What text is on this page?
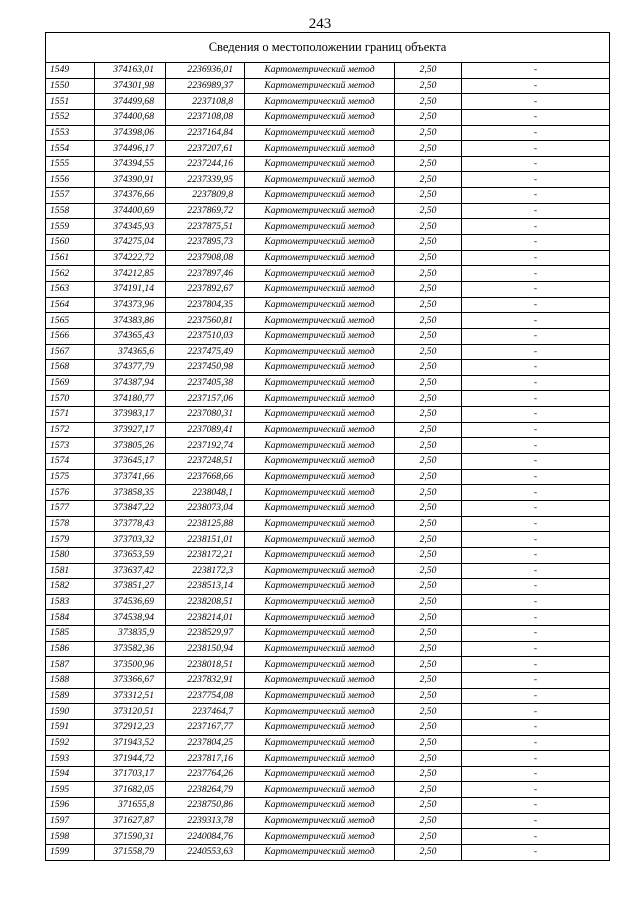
243
Сведения о местоположении границ объекта					
1549	374163,01	2236936,01	Картометрический метод	2,50	-
1550	374301,98	2236989,37	Картометрический метод	2,50	-
1551	374499,68	2237108,8	Картометрический метод	2,50	-
1552	374400,68	2237108,08	Картометрический метод	2,50	-
1553	374398,06	2237164,84	Картометрический метод	2,50	-
1554	374496,17	2237207,61	Картометрический метод	2,50	-
1555	374394,55	2237244,16	Картометрический метод	2,50	-
1556	374390,91	2237339,95	Картометрический метод	2,50	-
1557	374376,66	2237809,8	Картометрический метод	2,50	-
1558	374400,69	2237869,72	Картометрический метод	2,50	-
1559	374345,93	2237875,51	Картометрический метод	2,50	-
1560	374275,04	2237895,73	Картометрический метод	2,50	-
1561	374222,72	2237908,08	Картометрический метод	2,50	-
1562	374212,85	2237897,46	Картометрический метод	2,50	-
1563	374191,14	2237892,67	Картометрический метод	2,50	-
1564	374373,96	2237804,35	Картометрический метод	2,50	-
1565	374383,86	2237560,81	Картометрический метод	2,50	-
1566	374365,43	2237510,03	Картометрический метод	2,50	-
1567	374365,6	2237475,49	Картометрический метод	2,50	-
1568	374377,79	2237450,98	Картометрический метод	2,50	-
1569	374387,94	2237405,38	Картометрический метод	2,50	-
1570	374180,77	2237157,06	Картометрический метод	2,50	-
1571	373983,17	2237080,31	Картометрический метод	2,50	-
1572	373927,17	2237089,41	Картометрический метод	2,50	-
1573	373805,26	2237192,74	Картометрический метод	2,50	-
1574	373645,17	2237248,51	Картометрический метод	2,50	-
1575	373741,66	2237668,66	Картометрический метод	2,50	-
1576	373858,35	2238048,1	Картометрический метод	2,50	-
1577	373847,22	2238073,04	Картометрический метод	2,50	-
1578	373778,43	2238125,88	Картометрический метод	2,50	-
1579	373703,32	2238151,01	Картометрический метод	2,50	-
1580	373653,59	2238172,21	Картометрический метод	2,50	-
1581	373637,42	2238172,3	Картометрический метод	2,50	-
1582	373851,27	2238513,14	Картометрический метод	2,50	-
1583	374536,69	2238208,51	Картометрический метод	2,50	-
1584	374538,94	2238214,01	Картометрический метод	2,50	-
1585	373835,9	2238529,97	Картометрический метод	2,50	-
1586	373582,36	2238150,94	Картометрический метод	2,50	-
1587	373500,96	2238018,51	Картометрический метод	2,50	-
1588	373366,67	2237832,91	Картометрический метод	2,50	-
1589	373312,51	2237754,08	Картометрический метод	2,50	-
1590	373120,51	2237464,7	Картометрический метод	2,50	-
1591	372912,23	2237167,77	Картометрический метод	2,50	-
1592	371943,52	2237804,25	Картометрический метод	2,50	-
1593	371944,72	2237817,16	Картометрический метод	2,50	-
1594	371703,17	2237764,26	Картометрический метод	2,50	-
1595	371682,05	2238264,79	Картометрический метод	2,50	-
1596	371655,8	2238750,86	Картометрический метод	2,50	-
1597	371627,87	2239313,78	Картометрический метод	2,50	-
1598	371590,31	2240084,76	Картометрический метод	2,50	-
1599	371558,79	2240553,63	Картометрический метод	2,50	-
